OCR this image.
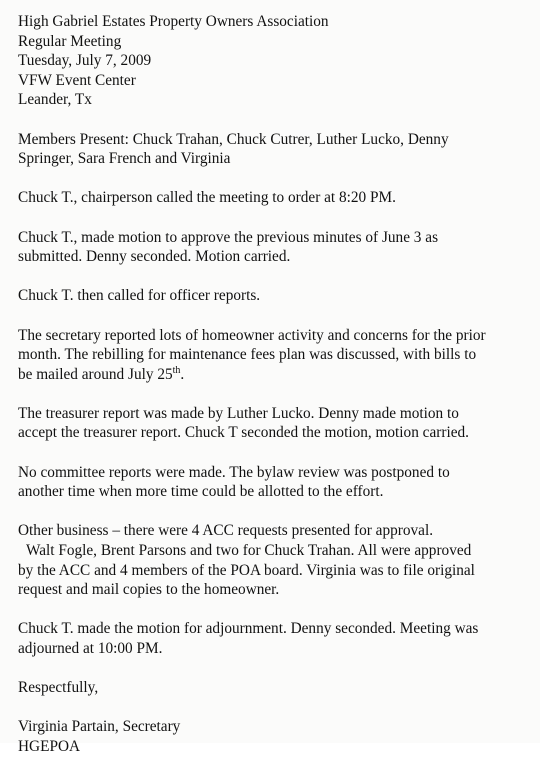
High Gabriel Estates Property Owners Association
Regular Meeting
Tuesday, July 7, 2009
VFW Event Center
Leander, Tx
Members Present: Chuck Trahan, Chuck Cutrer, Luther Lucko, Denny
Springer, Sara French and Virginia
Chuck T., chairperson called the meeting to order at 8:20 PM.
Chuck T., made motion to approve the previous minutes of June 3 as
submitted. Denny seconded. Motion carried.
Chuck T. then called for officer reports.
The secretary reported lots of homeowner activity and concerns for the prior
month. The rebilling for maintenance fees plan was discussed, with bills to
be mailed around July 25th.
The treasurer report was made by Luther Lucko. Denny made motion to
accept the treasurer report. Chuck T seconded the motion, motion carried.
No committee reports were made. The bylaw review was postponed to
another time when more time could be allotted to the effort.
Other business – there were 4 ACC requests presented for approval.
Walt Fogle, Brent Parsons and two for Chuck Trahan. All were approved
by the ACC and 4 members of the POA board. Virginia was to file original
request and mail copies to the homeowner.
Chuck T. made the motion for adjournment. Denny seconded. Meeting was
adjourned at 10:00 PM.
Respectfully,
Virginia Partain, Secretary
HGEPOA
